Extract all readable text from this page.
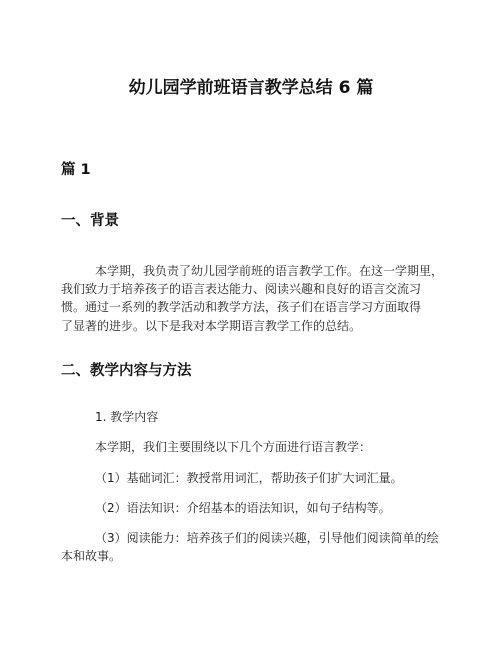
幼儿园学前班语言教学总结 6 篇
篇 1
一、背景
本学期，我负责了幼儿园学前班的语言教学工作。在这一学期里，
我们致力于培养孩子的语言表达能力、阅读兴趣和良好的语言交流习
惯。通过一系列的教学活动和教学方法，孩子们在语言学习方面取得
了显著的进步。以下是我对本学期语言教学工作的总结。
二、教学内容与方法
1. 教学内容
本学期，我们主要围绕以下几个方面进行语言教学：
（1）基础词汇：教授常用词汇，帮助孩子们扩大词汇量。
（2）语法知识：介绍基本的语法知识，如句子结构等。
（3）阅读能力：培养孩子们的阅读兴趣，引导他们阅读简单的绘
本和故事。
